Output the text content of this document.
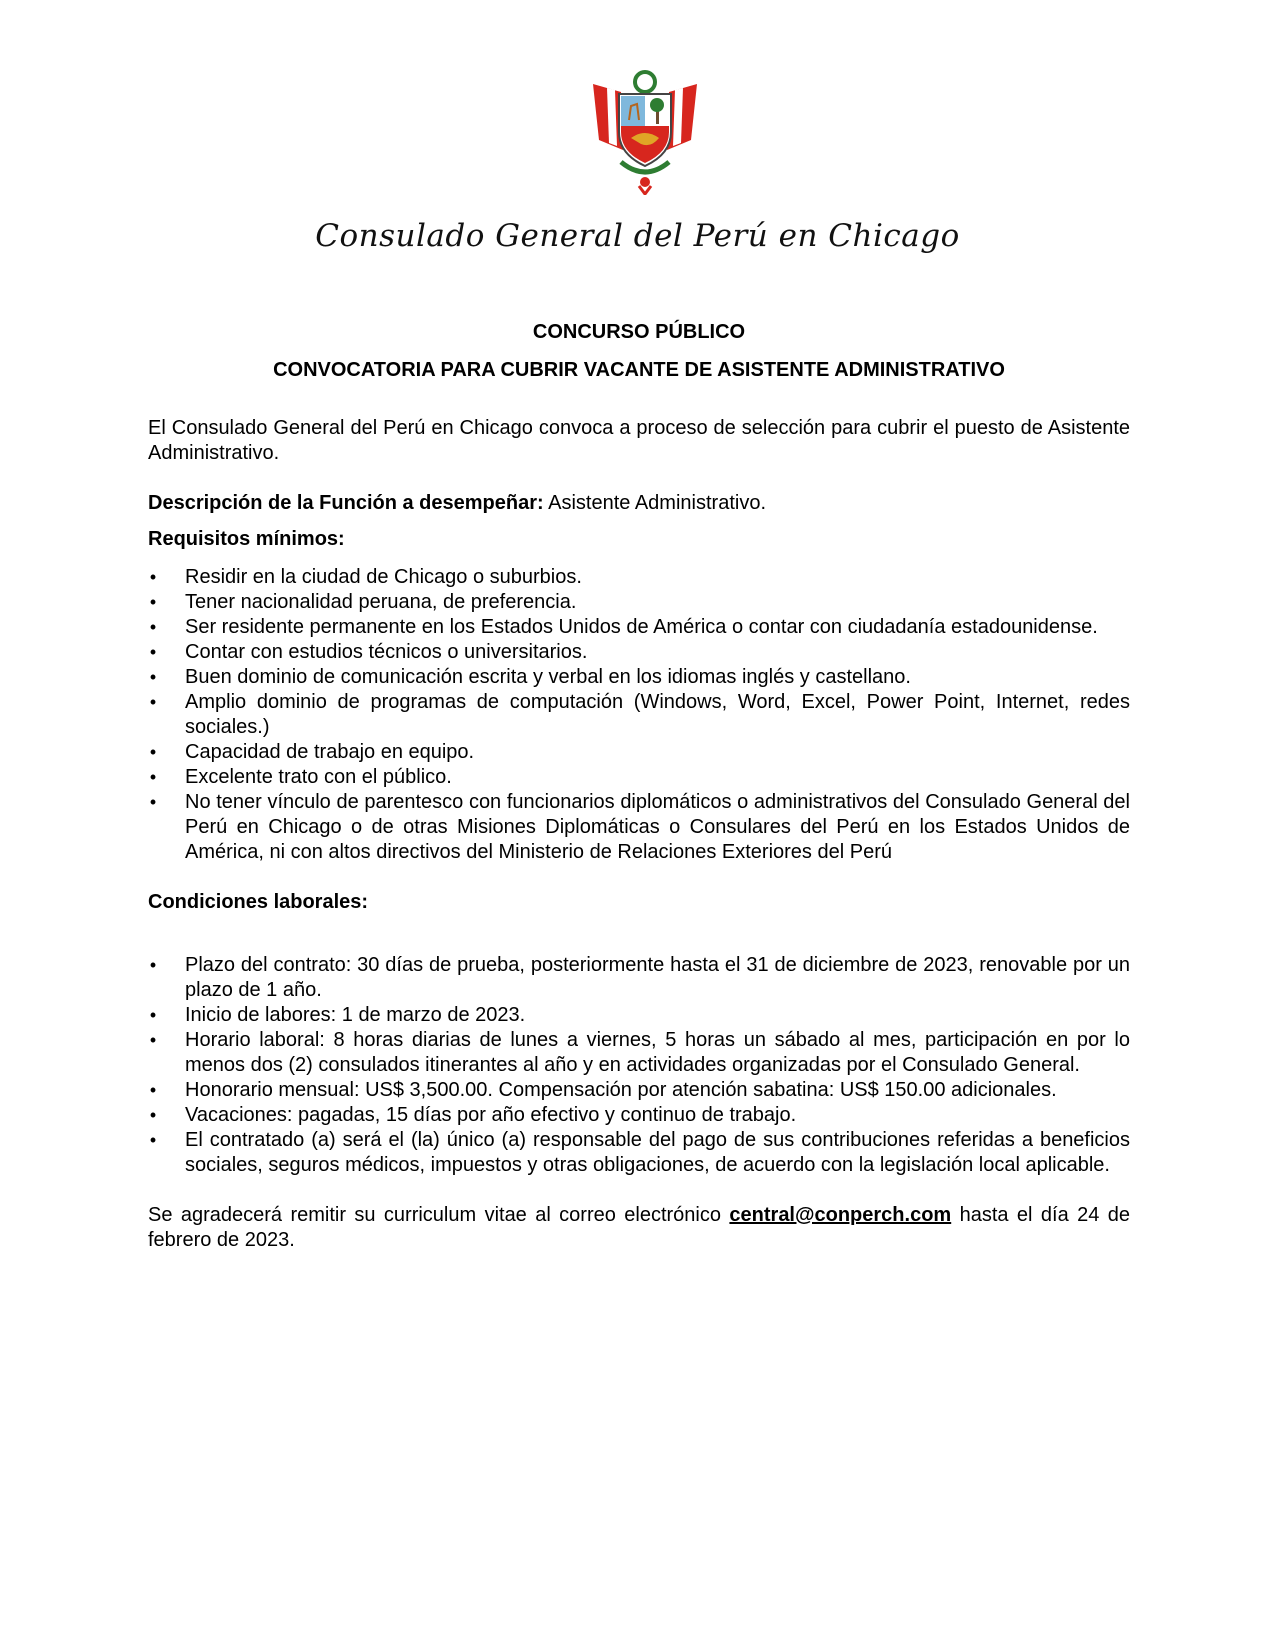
Consulado General del Perú en Chicago

CONCURSO PÚBLICO

CONVOCATORIA PARA CUBRIR VACANTE DE ASISTENTE ADMINISTRATIVO

El Consulado General del Perú en Chicago convoca a proceso de selección para cubrir el puesto de Asistente Administrativo.

Descripción de la Función a desempeñar: Asistente Administrativo.

Requisitos mínimos:

• Residir en la ciudad de Chicago o suburbios.
• Tener nacionalidad peruana, de preferencia.
• Ser residente permanente en los Estados Unidos de América o contar con ciudadanía estadounidense.
• Contar con estudios técnicos o universitarios.
• Buen dominio de comunicación escrita y verbal en los idiomas inglés y castellano.
• Amplio dominio de programas de computación (Windows, Word, Excel, Power Point, Internet, redes sociales.)
• Capacidad de trabajo en equipo.
• Excelente trato con el público.
• No tener vínculo de parentesco con funcionarios diplomáticos o administrativos del Consulado General del Perú en Chicago o de otras Misiones Diplomáticas o Consulares del Perú en los Estados Unidos de América, ni con altos directivos del Ministerio de Relaciones Exteriores del Perú

Condiciones laborales:

• Plazo del contrato: 30 días de prueba, posteriormente hasta el 31 de diciembre de 2023, renovable por un plazo de 1 año.
• Inicio de labores: 1 de marzo de 2023.
• Horario laboral: 8 horas diarias de lunes a viernes, 5 horas un sábado al mes, participación en por lo menos dos (2) consulados itinerantes al año y en actividades organizadas por el Consulado General.
• Honorario mensual: US$ 3,500.00. Compensación por atención sabatina: US$ 150.00 adicionales.
• Vacaciones: pagadas, 15 días por año efectivo y continuo de trabajo.
• El contratado (a) será el (la) único (a) responsable del pago de sus contribuciones referidas a beneficios sociales, seguros médicos, impuestos y otras obligaciones, de acuerdo con la legislación local aplicable.

Se agradecerá remitir su curriculum vitae al correo electrónico central@conperch.com hasta el día 24 de febrero de 2023.
